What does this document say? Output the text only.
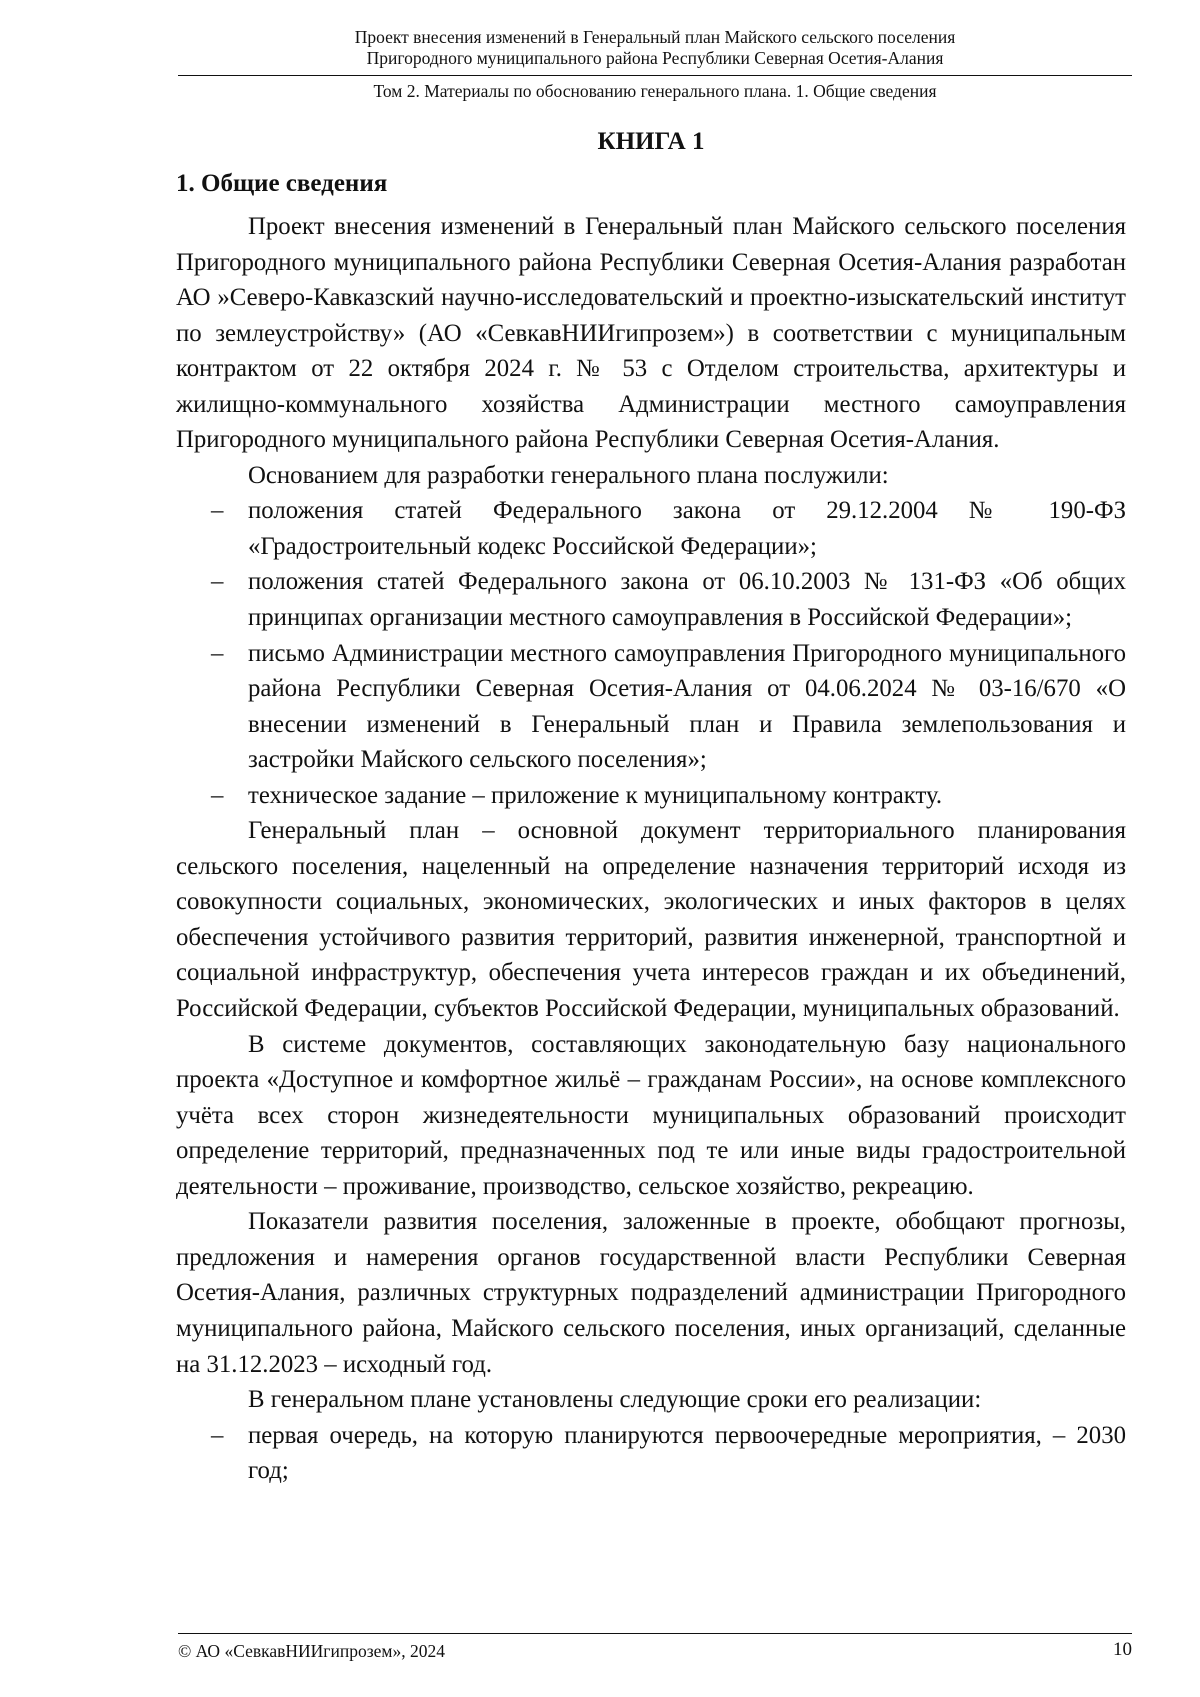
Проект внесения изменений в Генеральный план Майского сельского поселения
Пригородного муниципального района Республики Северная Осетия-Алания
Том 2. Материалы по обоснованию генерального плана. 1. Общие сведения
КНИГА 1
1. Общие сведения

Проект внесения изменений в Генеральный план Майского сельского поселения Пригородного муниципального района Республики Северная Осетия-Алания разработан АО »Северо-Кавказский научно-исследовательский и проектно-изыскательский институт по землеустройству» (АО «СевкавНИИгипрозем») в соответствии с муниципальным контрактом от 22 октября 2024 г. № 53 с Отделом строительства, архитектуры и жилищно-коммунального хозяйства Администрации местного самоуправления Пригородного муниципального района Республики Северная Осетия-Алания.

Основанием для разработки генерального плана послужили:

– положения статей Федерального закона от 29.12.2004 № 190-ФЗ «Градостроительный кодекс Российской Федерации»;
– положения статей Федерального закона от 06.10.2003 № 131-ФЗ «Об общих принципах организации местного самоуправления в Российской Федерации»;
– письмо Администрации местного самоуправления Пригородного муниципального района Республики Северная Осетия-Алания от 04.06.2024 № 03-16/670 «О внесении изменений в Генеральный план и Правила землепользования и застройки Майского сельского поселения»;
– техническое задание – приложение к муниципальному контракту.

Генеральный план – основной документ территориального планирования сельского поселения, нацеленный на определение назначения территорий исходя из совокупности социальных, экономических, экологических и иных факторов в целях обеспечения устойчивого развития территорий, развития инженерной, транспортной и социальной инфраструктур, обеспечения учета интересов граждан и их объединений, Российской Федерации, субъектов Российской Федерации, муниципальных образований.

В системе документов, составляющих законодательную базу национального проекта «Доступное и комфортное жильё – гражданам России», на основе комплексного учёта всех сторон жизнедеятельности муниципальных образований происходит определение территорий, предназначенных под те или иные виды градостроительной деятельности – проживание, производство, сельское хозяйство, рекреацию.

Показатели развития поселения, заложенные в проекте, обобщают прогнозы, предложения и намерения органов государственной власти Республики Северная Осетия-Алания, различных структурных подразделений администрации Пригородного муниципального района, Майского сельского поселения, иных организаций, сделанные на 31.12.2023 – исходный год.

В генеральном плане установлены следующие сроки его реализации:

– первая очередь, на которую планируются первоочередные мероприятия, – 2030 год;
© АО «СевкавНИИгипрозем», 2024	10
